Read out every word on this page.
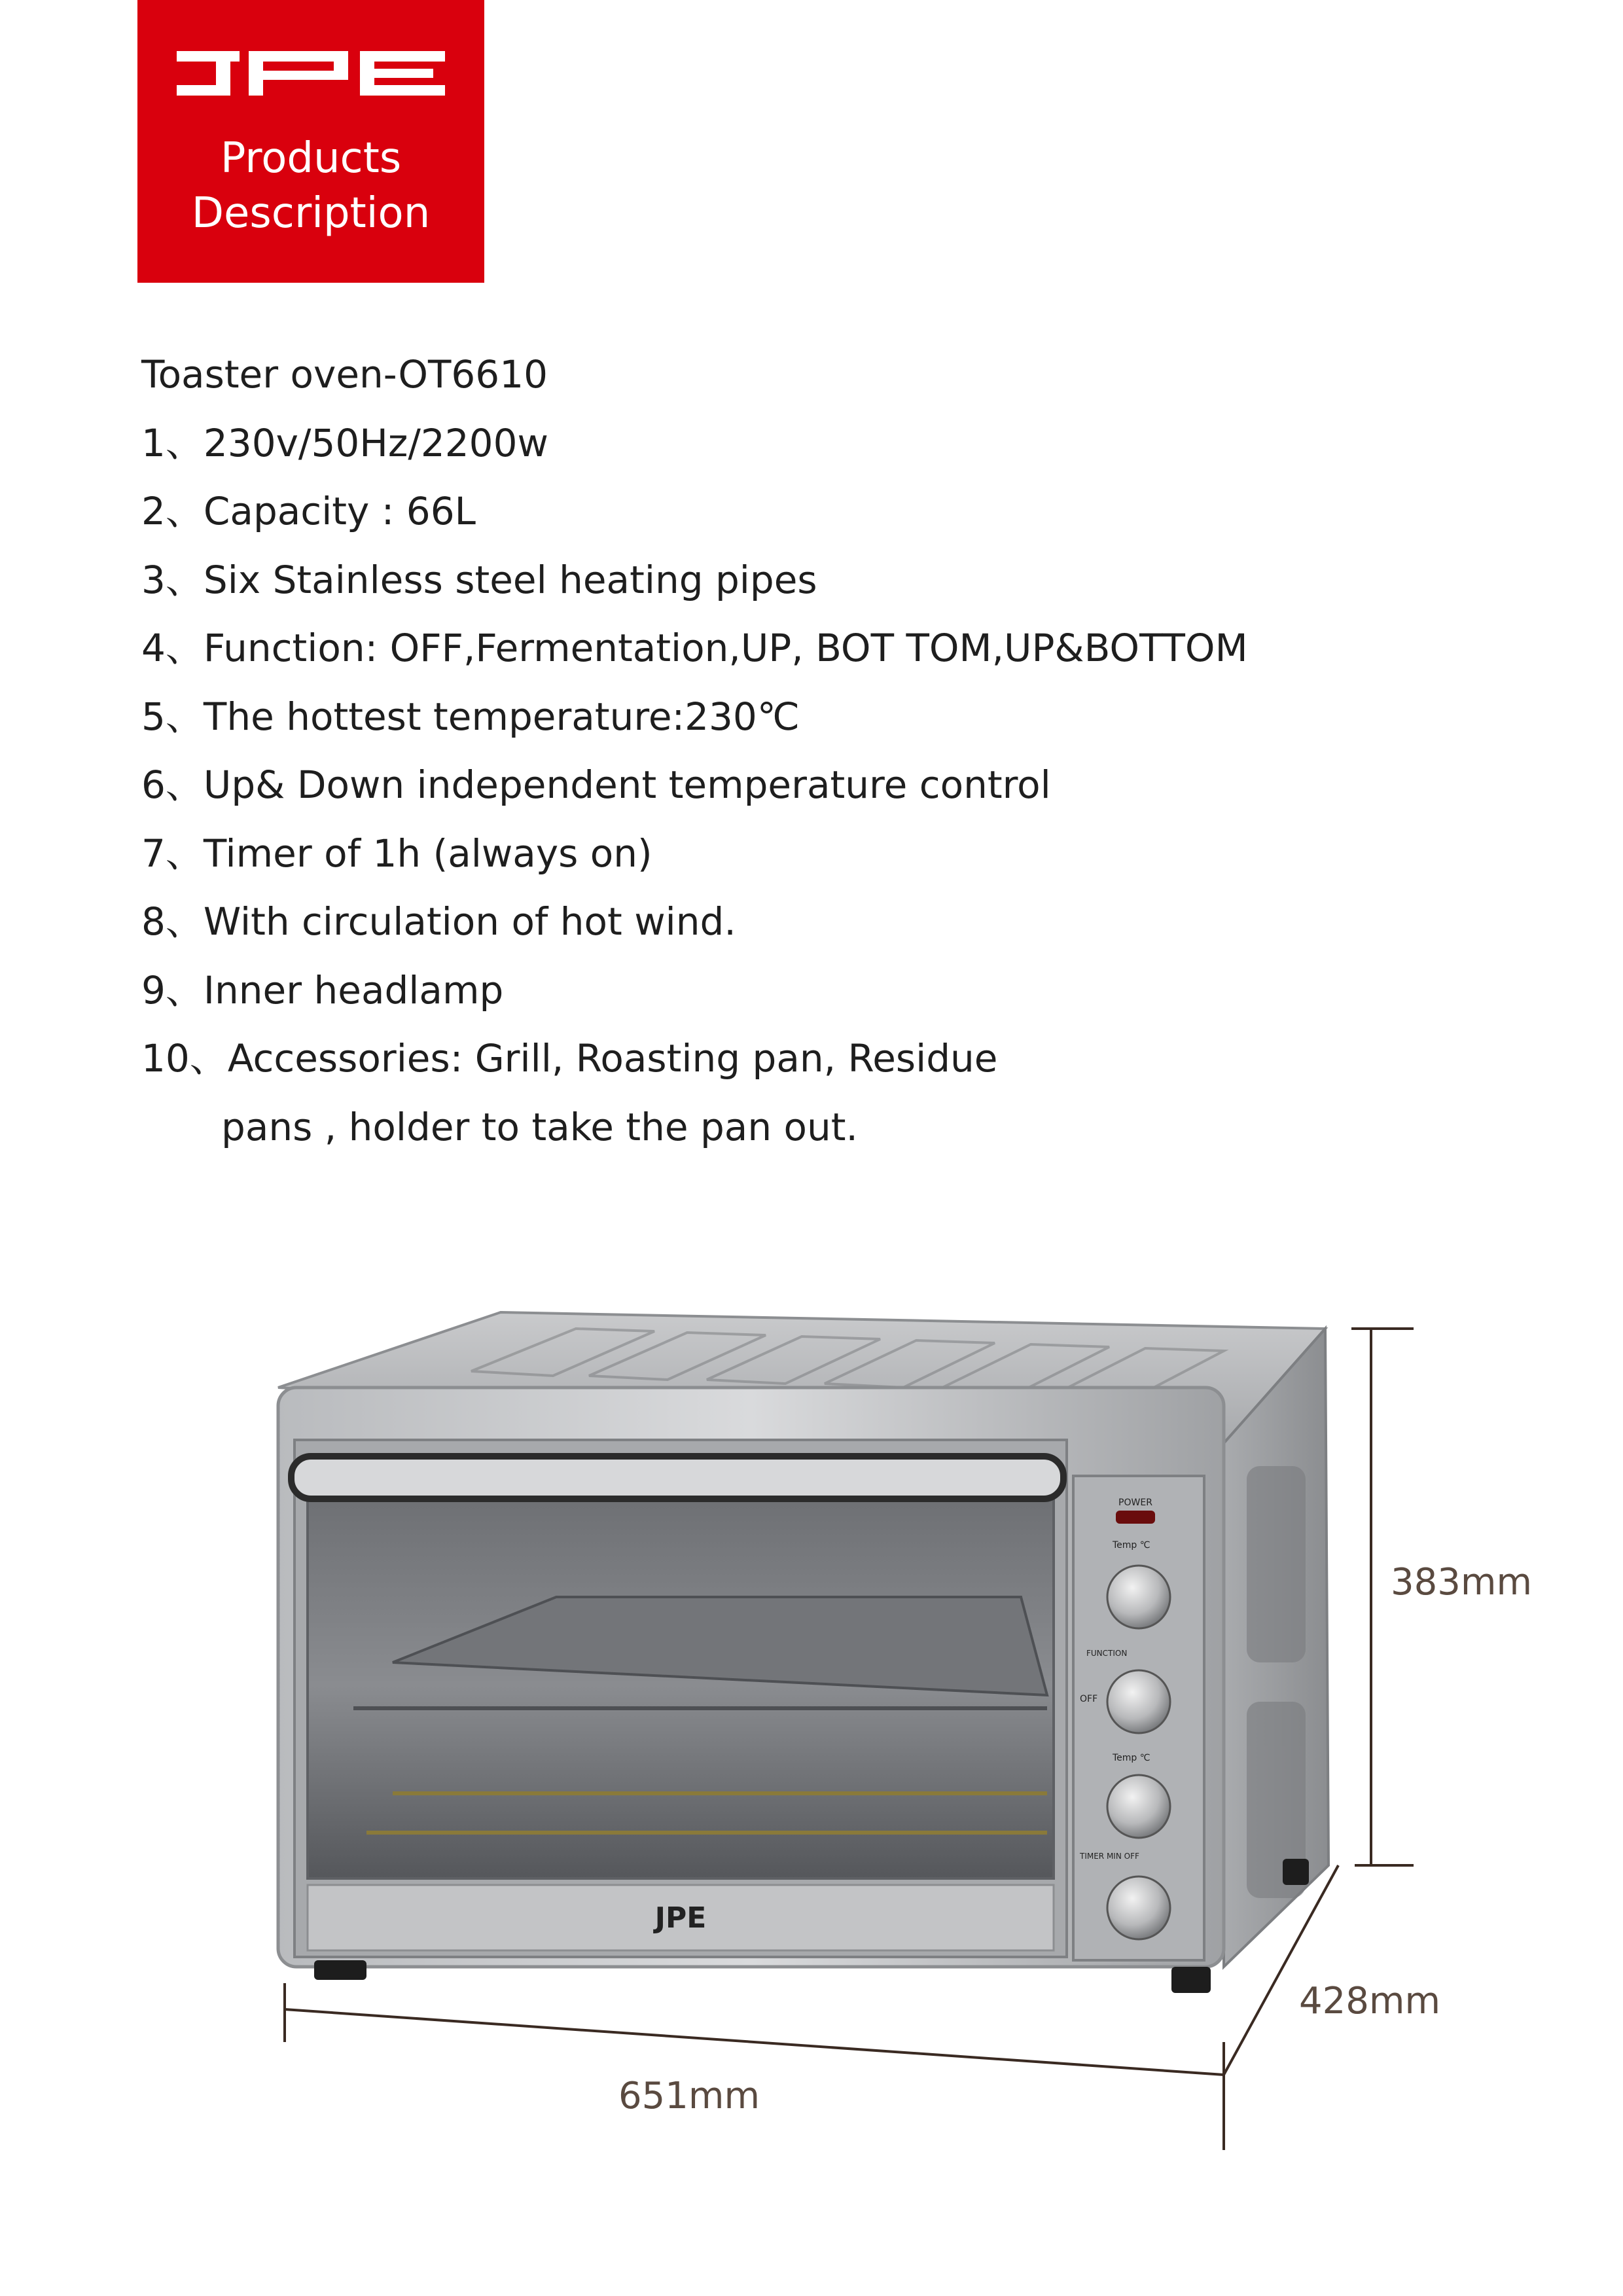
Products
Description
Toaster oven-OT6610
1、230v/50Hz/2200w
2、Capacity : 66L
3、Six Stainless steel heating pipes
4、Function: OFF,Fermentation,UP, BOT TOM,UP&BOTTOM
5、The hottest temperature:230℃
6、Up& Down independent temperature control
7、Timer of 1h (always on)
8、With circulation of hot wind.
9、Inner headlamp
10、Accessories: Grill, Roasting pan, Residue
pans , holder to take the pan out.
JPE
POWER
Temp ℃
FUNCTION
OFF
Temp ℃
TIMER MIN OFF
383mm
428mm
651mm
